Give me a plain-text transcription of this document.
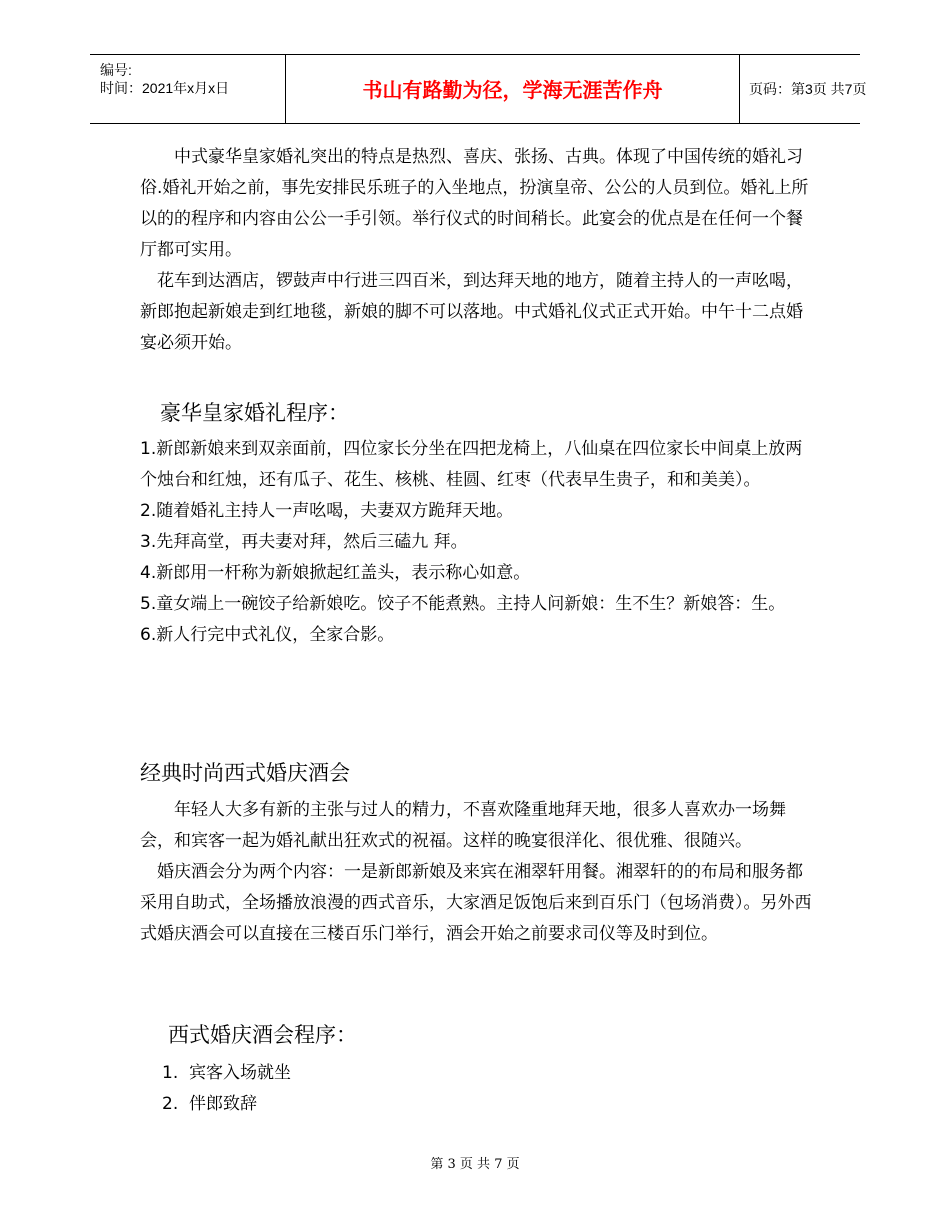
编号:
时间：2021年x月x日	书山有路勤为径，学海无涯苦作舟	页码：第3页 共7页

中式豪华皇家婚礼突出的特点是热烈、喜庆、张扬、古典。体现了中国传统的婚礼习俗.婚礼开始之前，事先安排民乐班子的入坐地点，扮演皇帝、公公的人员到位。婚礼上所以的的程序和内容由公公一手引领。举行仪式的时间稍长。此宴会的优点是在任何一个餐厅都可实用。

花车到达酒店，锣鼓声中行进三四百米，到达拜天地的地方，随着主持人的一声吆喝，新郎抱起新娘走到红地毯，新娘的脚不可以落地。中式婚礼仪式正式开始。中午十二点婚宴必须开始。

豪华皇家婚礼程序：

1.新郎新娘来到双亲面前，四位家长分坐在四把龙椅上，八仙桌在四位家长中间桌上放两个烛台和红烛，还有瓜子、花生、核桃、桂圆、红枣（代表早生贵子，和和美美）。

2.随着婚礼主持人一声吆喝，夫妻双方跪拜天地。

3.先拜高堂，再夫妻对拜，然后三磕九 拜。

4.新郎用一杆称为新娘掀起红盖头，表示称心如意。

5.童女端上一碗饺子给新娘吃。饺子不能煮熟。主持人问新娘：生不生？新娘答：生。

6.新人行完中式礼仪，全家合影。

经典时尚西式婚庆酒会

年轻人大多有新的主张与过人的精力，不喜欢隆重地拜天地，很多人喜欢办一场舞会，和宾客一起为婚礼献出狂欢式的祝福。这样的晚宴很洋化、很优雅、很随兴。

婚庆酒会分为两个内容：一是新郎新娘及来宾在湘翠轩用餐。湘翠轩的的布局和服务都采用自助式，全场播放浪漫的西式音乐，大家酒足饭饱后来到百乐门（包场消费）。另外西式婚庆酒会可以直接在三楼百乐门举行，酒会开始之前要求司仪等及时到位。

西式婚庆酒会程序：

1.  宾客入场就坐

2.  伴郎致辞

第 3 页 共 7 页
